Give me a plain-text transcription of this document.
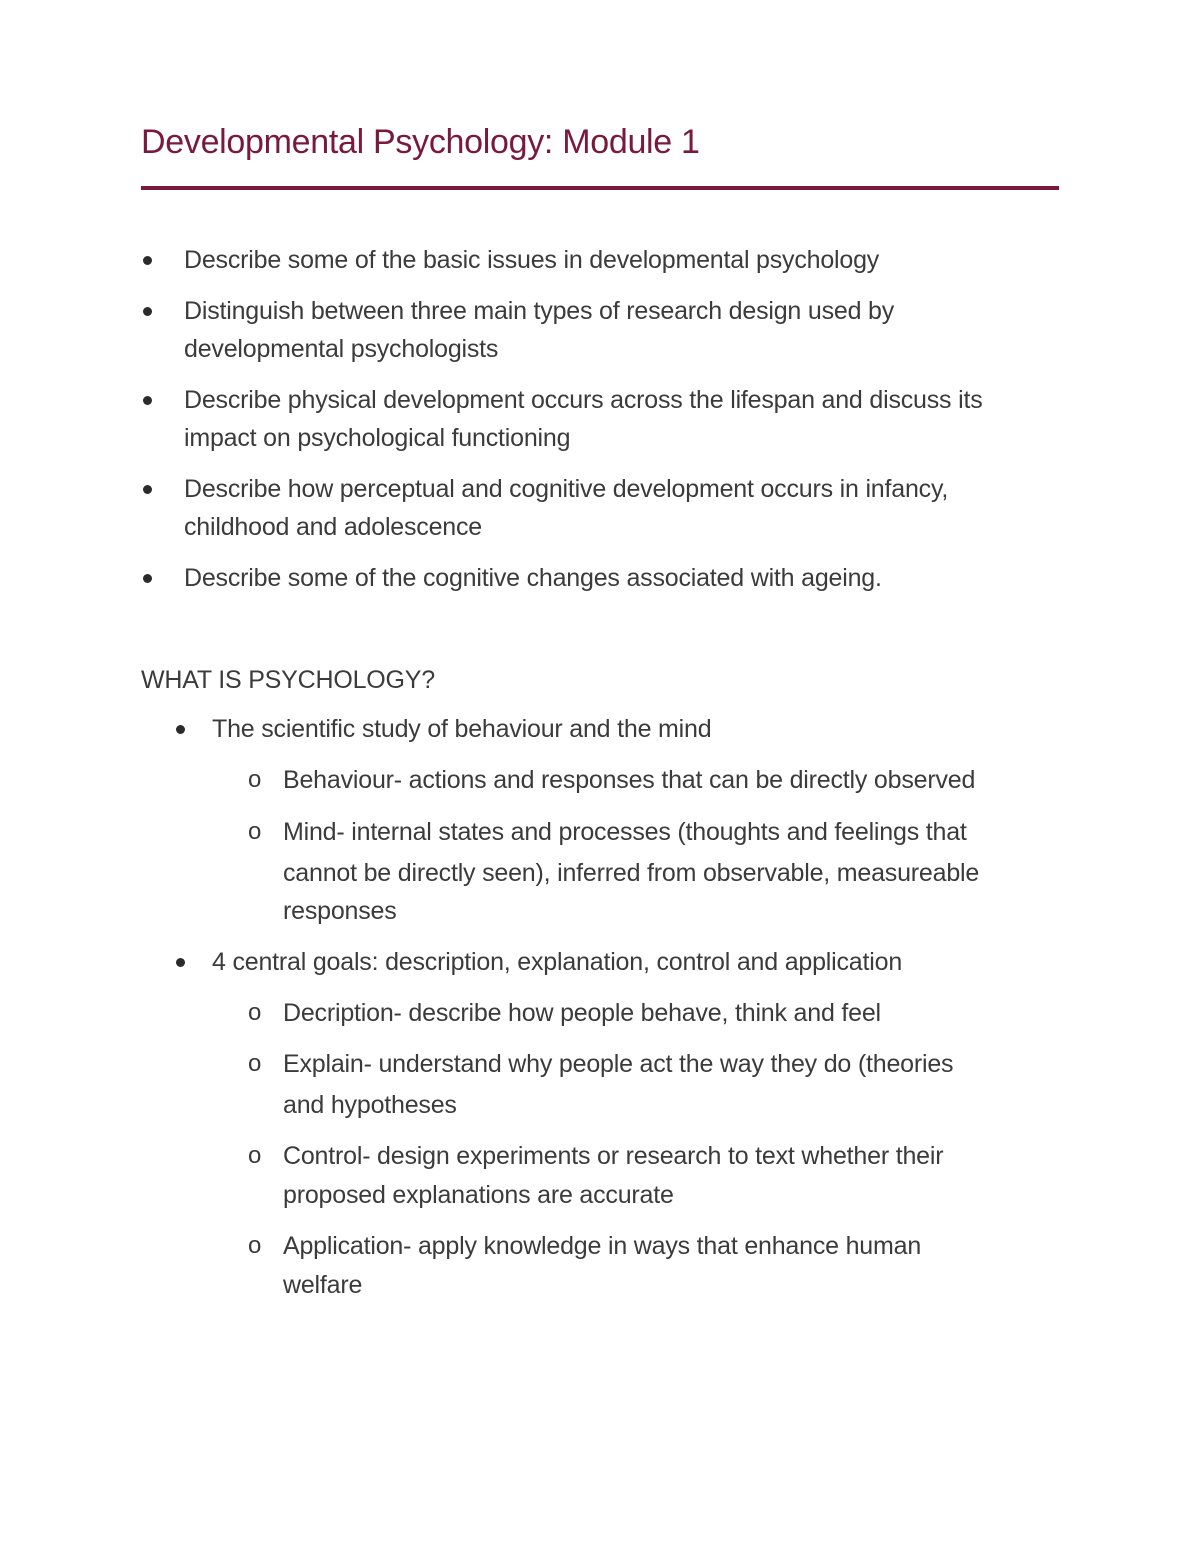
Developmental Psychology: Module 1
Describe some of the basic issues in developmental psychology
Distinguish between three main types of research design used by
developmental psychologists
Describe physical development occurs across the lifespan and discuss its
impact on psychological functioning
Describe how perceptual and cognitive development occurs in infancy,
childhood and adolescence
Describe some of the cognitive changes associated with ageing.
WHAT IS PSYCHOLOGY?
The scientific study of behaviour and the mind
o Behaviour- actions and responses that can be directly observed
o Mind- internal states and processes (thoughts and feelings that
cannot be directly seen), inferred from observable, measureable
responses
4 central goals: description, explanation, control and application
o Decription- describe how people behave, think and feel
o Explain- understand why people act the way they do (theories
and hypotheses
o Control- design experiments or research to text whether their
proposed explanations are accurate
o Application- apply knowledge in ways that enhance human
welfare
